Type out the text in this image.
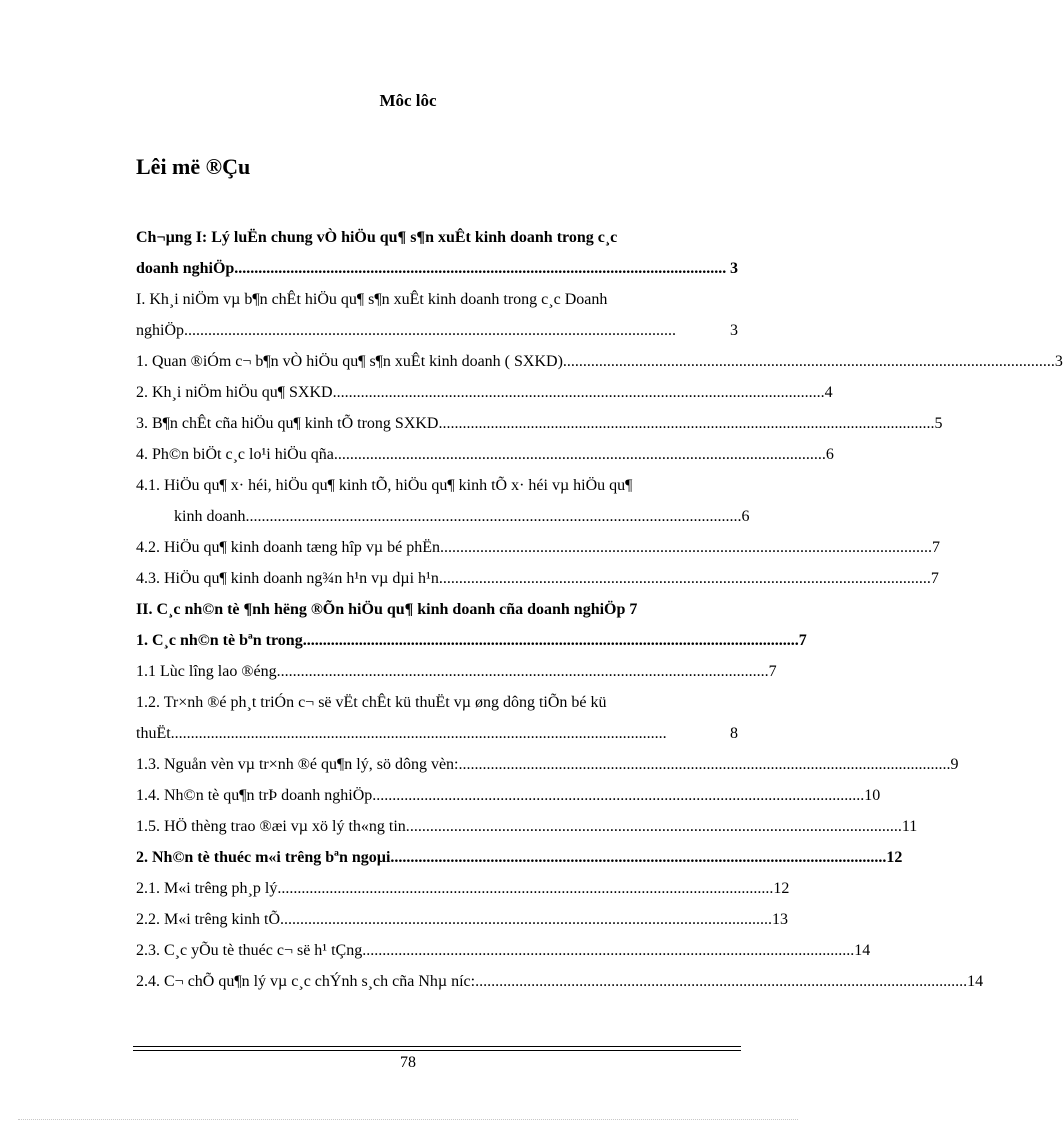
Môc lôc
Lêi më ®Çu
Ch¬µng I: Lý luËn chung vÒ hiÖu qu¶ s¶n xuÊt kinh doanh trong c¸c
doanh nghiÖp ........................................................................................................................... 3
I. Kh¸i niÖm vµ b¶n chÊt hiÖu qu¶ s¶n xuÊt kinh doanh trong c¸c Doanh
nghiÖp ...........................................................................................................................	3
1. Quan ®iÓm c¬ b¶n vÒ hiÖu qu¶ s¶n xuÊt kinh doanh ( SXKD) ........................................................................................................................... 3
2. Kh¸i niÖm hiÖu qu¶ SXKD ........................................................................................................................... 4
3. B¶n chÊt cña hiÖu qu¶ kinh tÕ trong SXKD. ........................................................................................................................... 5
4. Ph©n biÖt c¸c lo¹i hiÖu qña ........................................................................................................................... 6
4.1. HiÖu qu¶ x· héi, hiÖu qu¶ kinh tÕ, hiÖu qu¶ kinh tÕ x· héi vµ hiÖu qu¶
kinh doanh. ........................................................................................................................... 6
4.2. HiÖu qu¶ kinh doanh tæng hîp vµ bé phËn ........................................................................................................................... 7
4.3. HiÖu qu¶ kinh doanh ng¾n h¹n vµ dµi h¹n ........................................................................................................................... 7
II. C¸c nh©n tè ¶nh hëng ®Õn hiÖu qu¶ kinh doanh cña doanh nghiÖp 7
1. C¸c nh©n tè bªn trong. ........................................................................................................................... 7
1.1 Lùc lîng lao ®éng ........................................................................................................................... 7
1.2. Tr×nh ®é ph¸t triÓn c¬ së vËt chÊt kü thuËt vµ øng dông tiÕn bé kü
thuËt. ...........................................................................................................................	8
1.3. Nguån vèn vµ tr×nh ®é qu¶n lý, sö dông vèn: ........................................................................................................................... 9
1.4. Nh©n tè qu¶n trÞ doanh nghiÖp ........................................................................................................................... 10
1.5. HÖ thèng trao ®æi vµ xö lý th«ng tin. ........................................................................................................................... 11
2. Nh©n tè thuéc m«i trêng bªn ngoµi. ........................................................................................................................... 12
2.1. M«i trêng ph¸p lý. ........................................................................................................................... 12
2.2. M«i trêng kinh tÕ ........................................................................................................................... 13
2.3. C¸c yÕu tè thuéc c¬ së h¹ tÇng ........................................................................................................................... 14
2.4. C¬ chÕ qu¶n lý vµ c¸c chÝnh s¸ch cña Nhµ níc: ........................................................................................................................... 14
78
